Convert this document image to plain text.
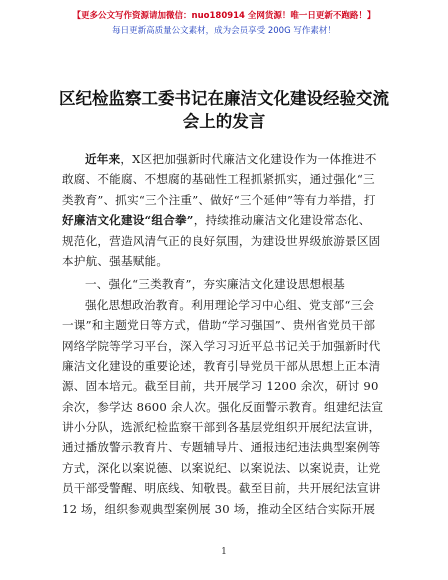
【更多公文写作资源请加微信：nuo180914 全网货源！唯一日更新不跑路！】
每日更新高质量公文素材，成为会员享受 200G 写作素材！
区纪检监察工委书记在廉洁文化建设经验交流
会上的发言
近年来，X区把加强新时代廉洁文化建设作为一体推进不
敢腐、不能腐、不想腐的基础性工程抓紧抓实，通过强化“三
类教育”、抓实“三个注重”、做好“三个延伸”等有力举措，打
好廉洁文化建设“组合拳”，持续推动廉洁文化建设常态化、
规范化，营造风清气正的良好氛围，为建设世界级旅游景区固
本护航、强基赋能。
一、强化“三类教育”，夯实廉洁文化建设思想根基
强化思想政治教育。利用理论学习中心组、党支部“三会
一课”和主题党日等方式，借助“学习强国”、贵州省党员干部
网络学院等学习平台，深入学习习近平总书记关于加强新时代
廉洁文化建设的重要论述，教育引导党员干部从思想上正本清
源、固本培元。截至目前，共开展学习 1200 余次，研讨 90
余次，参学达 8600 余人次。强化反面警示教育。组建纪法宣
讲小分队，选派纪检监察干部到各基层党组织开展纪法宣讲，
通过播放警示教育片、专题辅导片、通报违纪违法典型案例等
方式，深化以案说德、以案说纪、以案说法、以案说责，让党
员干部受警醒、明底线、知敬畏。截至目前，共开展纪法宣讲
12 场，组织参观典型案例展 30 场，推动全区结合实际开展
1
